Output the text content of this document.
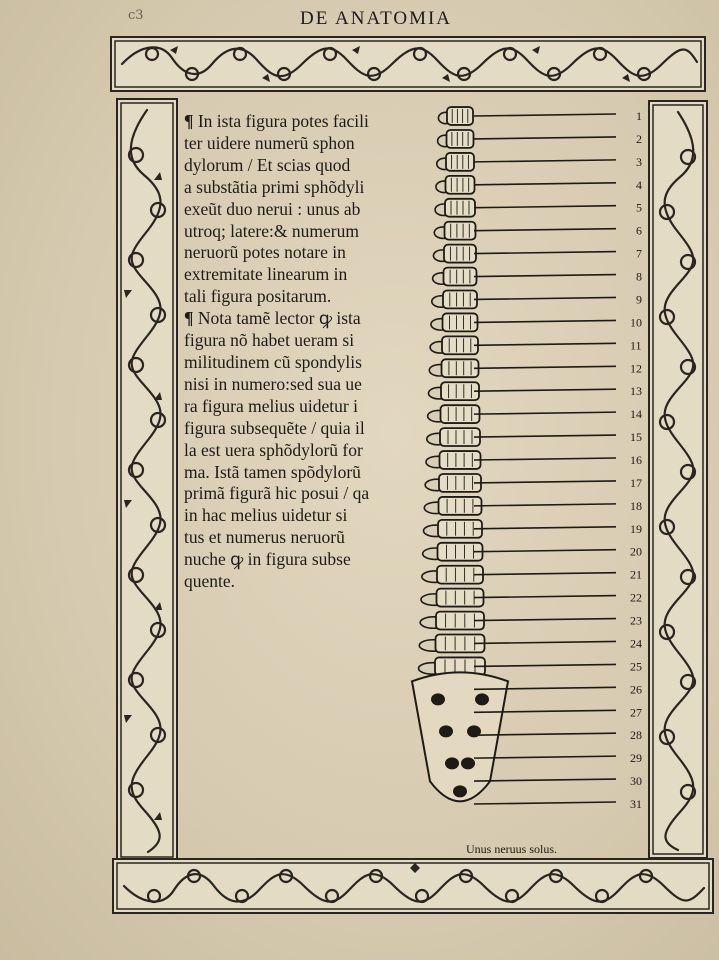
c3	DE ANATOMIA
¶ In ista figura potes facili
ter uidere numerũ sphon
dylorum / Et scias quod
a substãtia primi sphõdyli
exeũt duo nerui : unus ab
utroq; latere:& numerum
neruorũ potes notare in
extremitate linearum in
tali figura positarum.
¶ Nota tamẽ lector ꝙ ista
figura nõ habet ueram si
militudinem cũ spondylis
nisi in numero:sed sua ue
ra figura melius uidetur i
figura subsequẽte / quia il
la est uera sphõdylorũ for
ma. Istã tamen spõdylorũ
primã figurã hic posui / qa
in hac melius uidetur si
tus et numerus neruorũ
nuche ꝙ in figura subse
quente.
1
2
3
4
5
6
7
8
9
10
11
12
13
14
15
16
17
18
19
20
21
22
23
24
25
26
27
28
29
30
31
Unus neruus solus.
